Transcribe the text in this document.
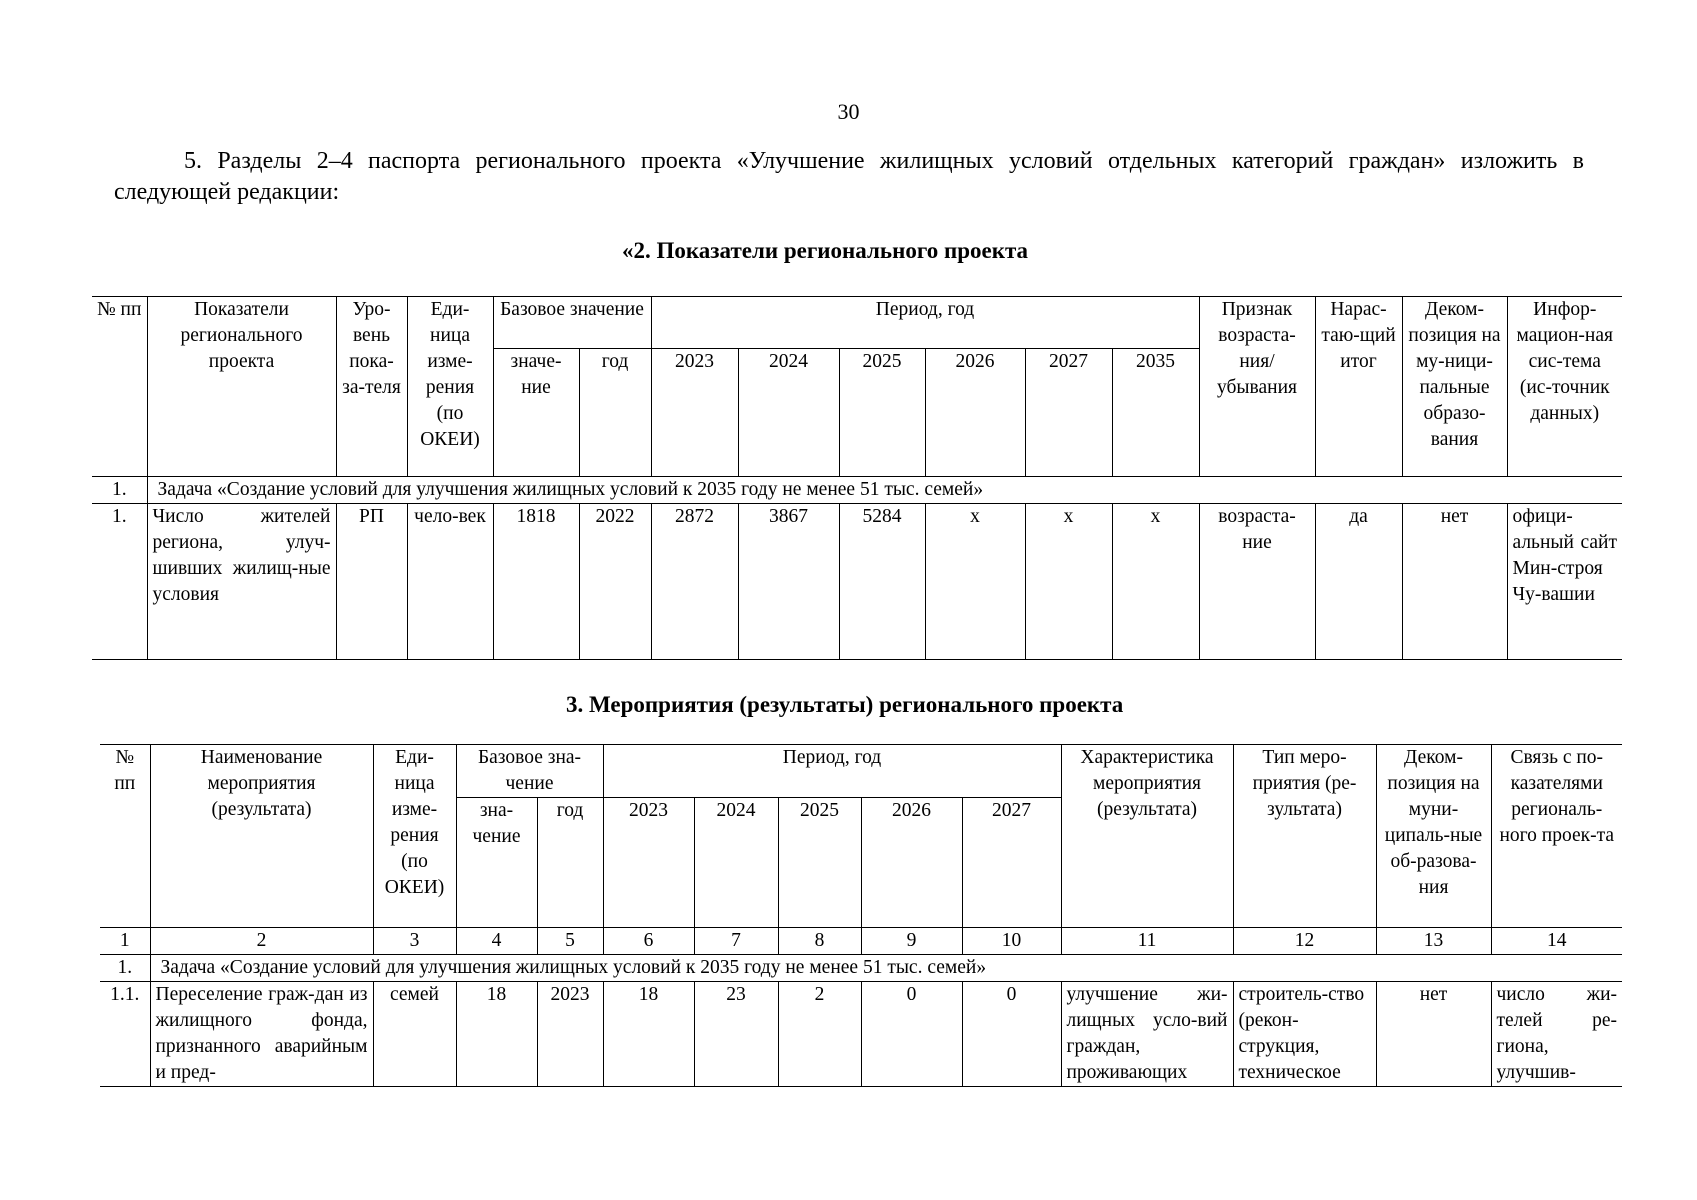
30
5. Разделы 2–4 паспорта регионального проекта «Улучшение жилищных условий отдельных категорий граждан» изложить в следующей редакции:
«2. Показатели регионального проекта
№ пп	Показатели регионального проекта	Уро-вень пока-за-теля	Еди-ница изме-рения (по ОКЕИ)	Базовое значение		Период, год						Признак возраста-ния/ убывания	Нарас-таю-щий итог	Деком-позиция на му-ници-пальные образо-вания	Инфор-мацион-ная сис-тема (ис-точник данных)
				значе-ние	год	2023	2024	2025	2026	2027	2035				
1.	Задача «Создание условий для улучшения жилищных условий к 2035 году не менее 51 тыс. семей»														
1.	Число жителей региона, улуч-шивших жилищ-ные условия	РП	чело-век	1818	2022	2872	3867	5284	х	х	х	возраста-ние	да	нет	офици-альный сайт Мин-строя Чу-вашии
3. Мероприятия (результаты) регионального проекта
№ пп	Наименование мероприятия (результата)	Еди-ница изме-рения (по ОКЕИ)	Базовое зна-чение		Период, год					Характеристика мероприятия (результата)	Тип меро-приятия (ре-зультата)	Деком-позиция на муни-ципаль-ные об-разова-ния	Связь с по-казателями региональ-ного проек-та
			зна-чение	год	2023	2024	2025	2026	2027				
1	2	3	4	5	6	7	8	9	10	11	12	13	14
1.	Задача «Создание условий для улучшения жилищных условий к 2035 году не менее 51 тыс. семей»												
1.1.	Переселение граж-дан из жилищного фонда, признанного аварийным и пред-	семей	18	2023	18	23	2	0	0	улучшение жи-лищных усло-вий граждан, проживающих	строитель-ство (рекон-струкция, техническое	нет	число жи-телей ре-гиона, улучшив-
